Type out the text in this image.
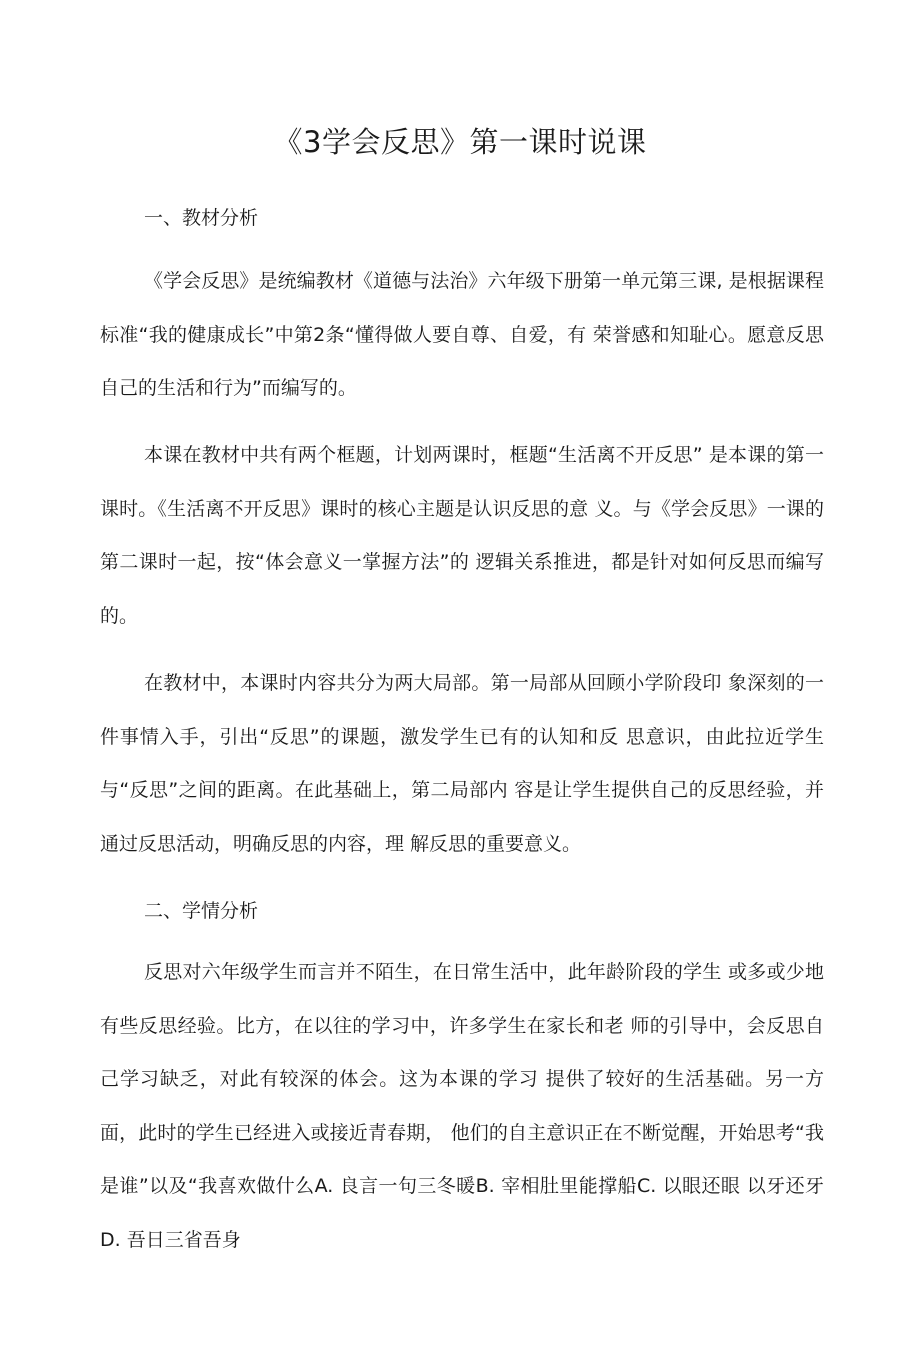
《3学会反思》第一课时说课
一、教材分析

《学会反思》是统编教材《道德与法治》六年级下册第一单元第三课, 是根据课程标准“我的健康成长”中第2条“懂得做人要自尊、自爱，有 荣誉感和知耻心。愿意反思自己的生活和行为”而编写的。

本课在教材中共有两个框题，计划两课时，框题“生活离不开反思” 是本课的第一课时。《生活离不开反思》课时的核心主题是认识反思的意 义。与《学会反思》一课的第二课时一起，按“体会意义一掌握方法”的 逻辑关系推进，都是针对如何反思而编写的。

在教材中，本课时内容共分为两大局部。第一局部从回顾小学阶段印 象深刻的一件事情入手，引出“反思”的课题，激发学生已有的认知和反 思意识，由此拉近学生与“反思”之间的距离。在此基础上，第二局部内 容是让学生提供自己的反思经验，并通过反思活动，明确反思的内容，理 解反思的重要意义。

二、学情分析

反思对六年级学生而言并不陌生，在日常生活中，此年龄阶段的学生 或多或少地有些反思经验。比方，在以往的学习中，许多学生在家长和老 师的引导中，会反思自己学习缺乏，对此有较深的体会。这为本课的学习 提供了较好的生活基础。另一方面，此时的学生已经进入或接近青春期， 他们的自主意识正在不断觉醒，开始思考“我是谁”以及“我喜欢做什么A. 良言一句三冬暖B. 宰相肚里能撑船C. 以眼还眼 以牙还牙 D. 吾日三省吾身
